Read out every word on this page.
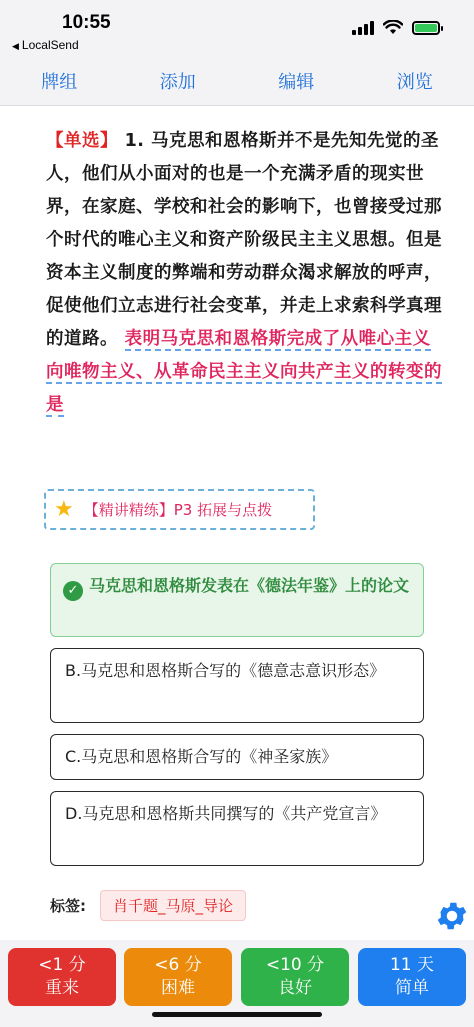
10:55
◀ LocalSend
牌组	添加	编辑	浏览
【单选】 1. 马克思和恩格斯并不是先知先觉的圣人，他们从小面对的也是一个充满矛盾的现实世界，在家庭、学校和社会的影响下，也曾接受过那个时代的唯心主义和资产阶级民主主义思想。但是资本主义制度的弊端和劳动群众渴求解放的呼声，促使他们立志进行社会变革，并走上求索科学真理的道路。 表明马克思和恩格斯完成了从唯心主义向唯物主义、从革命民主主义向共产主义的转变的是
★ 【精讲精练】P3 拓展与点拨
✓ 马克思和恩格斯发表在《德法年鉴》上的论文
B.马克思和恩格斯合写的《德意志意识形态》
C.马克思和恩格斯合写的《神圣家族》
D.马克思和恩格斯共同撰写的《共产党宣言》
标签:	肖千题_马原_导论
<1 分
重来
<6 分
困难
<10 分
良好
11 天
简单
